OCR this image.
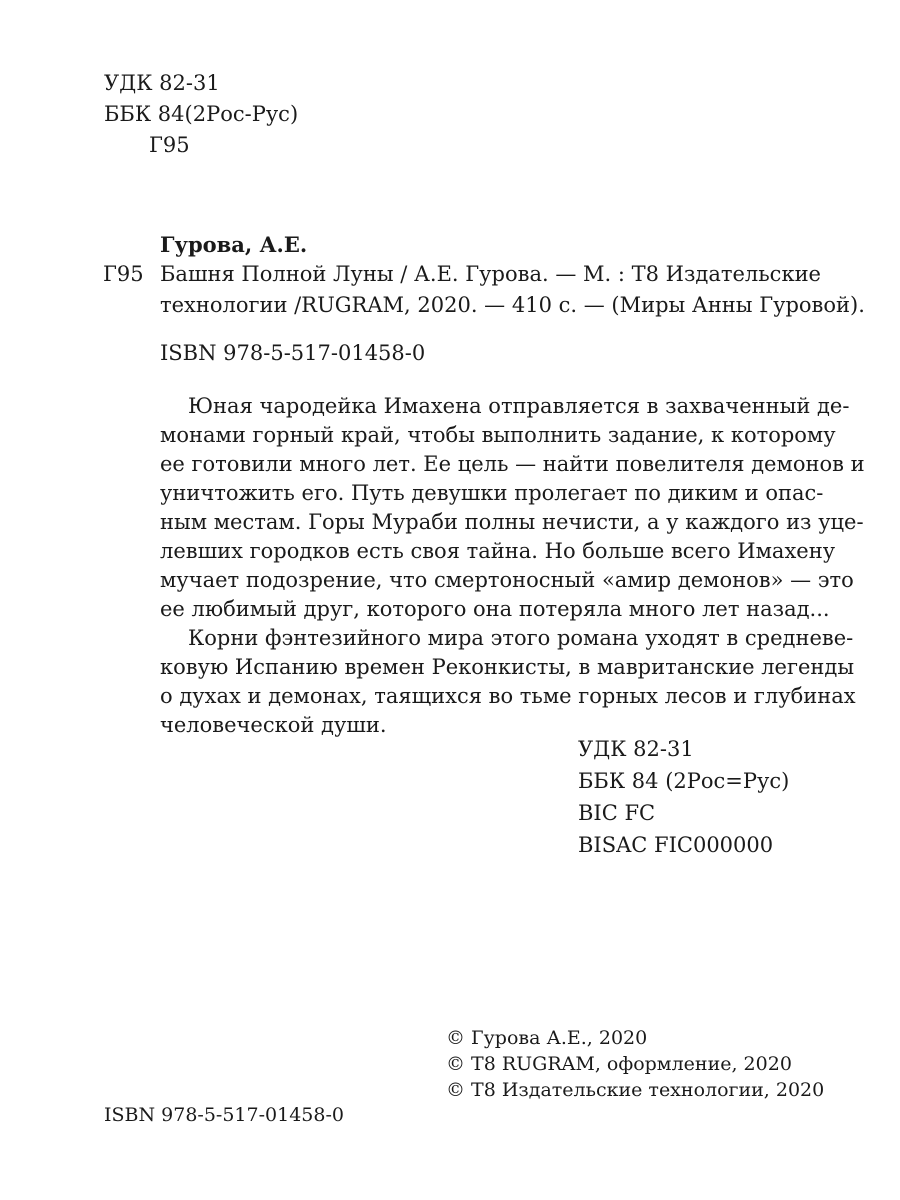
УДК 82-31
ББК 84(2Рос-Рус)
Г95
Гурова, А.Е.
Г95 Башня Полной Луны / А.Е. Гурова. — М. : Т8 Издательские
технологии /RUGRAM, 2020. — 410 с. — (Миры Анны Гуровой).
ISBN 978-5-517-01458-0
Юная чародейка Имахена отправляется в захваченный де-
монами горный край, чтобы выполнить задание, к которому
ее готовили много лет. Ее цель — найти повелителя демонов и
уничтожить его. Путь девушки пролегает по диким и опас-
ным местам. Горы Мураби полны нечисти, а у каждого из уце-
левших городков есть своя тайна. Но больше всего Имахену
мучает подозрение, что смертоносный «амир демонов» — это
ее любимый друг, которого она потеряла много лет назад...
Корни фэнтезийного мира этого романа уходят в средневе-
ковую Испанию времен Реконкисты, в мавританские легенды
о духах и демонах, таящихся во тьме горных лесов и глубинах
человеческой души.
УДК 82-31
ББК 84 (2Рос=Рус)
BIC FC
BISAC FIC000000
© Гурова А.Е., 2020
© Т8 RUGRAM, оформление, 2020
© Т8 Издательские технологии, 2020
ISBN 978-5-517-01458-0
